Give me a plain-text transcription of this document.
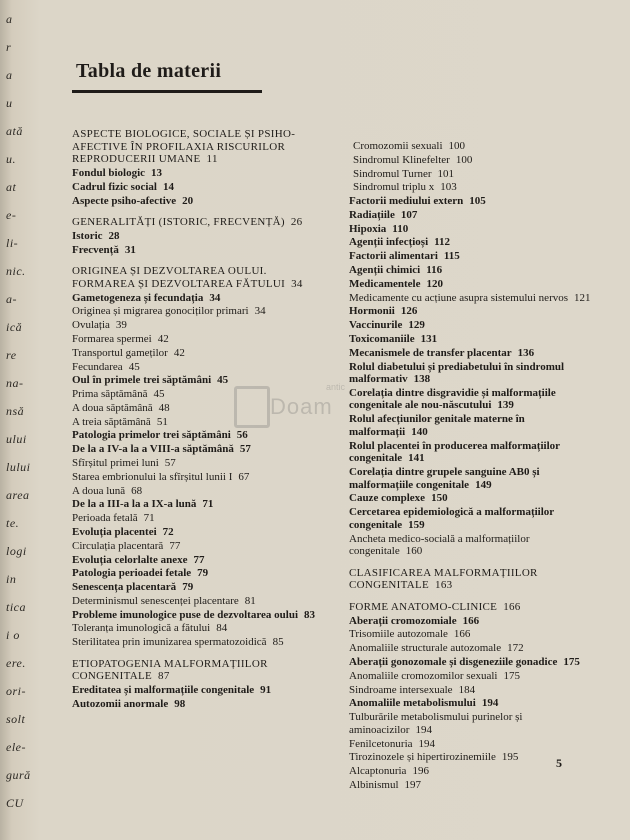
a
r
a
u
ată
u.
at
e-
li-
nic.
a-
ică
re
na-
nsă
ului
lului
area
te.
logi
in
tica
i o
ere.
ori-
solt
ele-
gură
CU
Tabla de materii

ASPECTE BIOLOGICE, SOCIALE ȘI PSIHO-AFECTIVE ÎN PROFILAXIA RISCURILOR REPRODUCERII UMANE 11

Fondul biologic 13

Cadrul fizic social 14

Aspecte psiho-afective 20

GENERALITĂȚI (ISTORIC, FRECVENȚĂ) 26

Istoric 28

Frecvență 31

ORIGINEA ȘI DEZVOLTAREA OULUI. FORMAREA ȘI DEZVOLTAREA FĂTULUI 34

Gametogeneza și fecundația 34

Originea și migrarea gonociților primari 34

Ovulația 39

Formarea spermei 42

Transportul gameților 42

Fecundarea 45

Oul în primele trei săptămâni 45

Prima săptămână 45

A doua săptămână 48

A treia săptămână 51

Patologia primelor trei săptămâni 56

De la a IV-a la a VIII-a săptămână 57

Sfîrșitul primei luni 57

Starea embrionului la sfîrșitul lunii I 67

A doua lună 68

De la a III-a la a IX-a lună 71

Perioada fetală 71

Evoluția placentei 72

Circulația placentară 77

Evoluția celorlalte anexe 77

Patologia perioadei fetale 79

Senescența placentară 79

Determinismul senescenței placentare 81

Probleme imunologice puse de dezvoltarea oului 83

Toleranța imunologică a fătului 84

Sterilitatea prin imunizarea spermatozoidică 85

ETIOPATOGENIA MALFORMAȚIILOR CONGENITALE 87

Ereditatea și malformațiile congenitale 91

Autozomii anormale 98

Cromozomii sexuali 100

Sindromul Klinefelter 100

Sindromul Turner 101

Sindromul triplu x 103

Factorii mediului extern 105

Radiațiile 107

Hipoxia 110

Agenții infecțioși 112

Factorii alimentari 115

Agenții chimici 116

Medicamentele 120

Medicamente cu acțiune asupra sistemului nervos 121

Hormonii 126

Vaccinurile 129

Toxicomaniile 131

Mecanismele de transfer placentar 136

Rolul diabetului și prediabetului în sindromul malformativ 138

Corelația dintre disgravidie și malformațiile congenitale ale nou-născutului 139

Rolul afecțiunilor genitale materne în malformații 140

Rolul placentei în producerea malformațiilor congenitale 141

Corelația dintre grupele sanguine AB0 și malformațiile congenitale 149

Cauze complexe 150

Cercetarea epidemiologică a malformațiilor congenitale 159

Ancheta medico-socială a malformațiilor congenitale 160

CLASIFICAREA MALFORMAȚIILOR CONGENITALE 163

FORME ANATOMO-CLINICE 166

Aberații cromozomiale 166

Trisomiile autozomale 166

Anomaliile structurale autozomale 172

Aberații gonozomale și disgeneziile gonadice 175

Anomaliile cromozomilor sexuali 175

Sindroame intersexuale 184

Anomaliile metabolismului 194

Tulburările metabolismului purinelor și aminoacizilor 194

Fenilcetonuria 194

Tirozinozele și hipertirozinemiile 195

Alcaptonuria 196

Albinismul 197

antic
Doam

5
